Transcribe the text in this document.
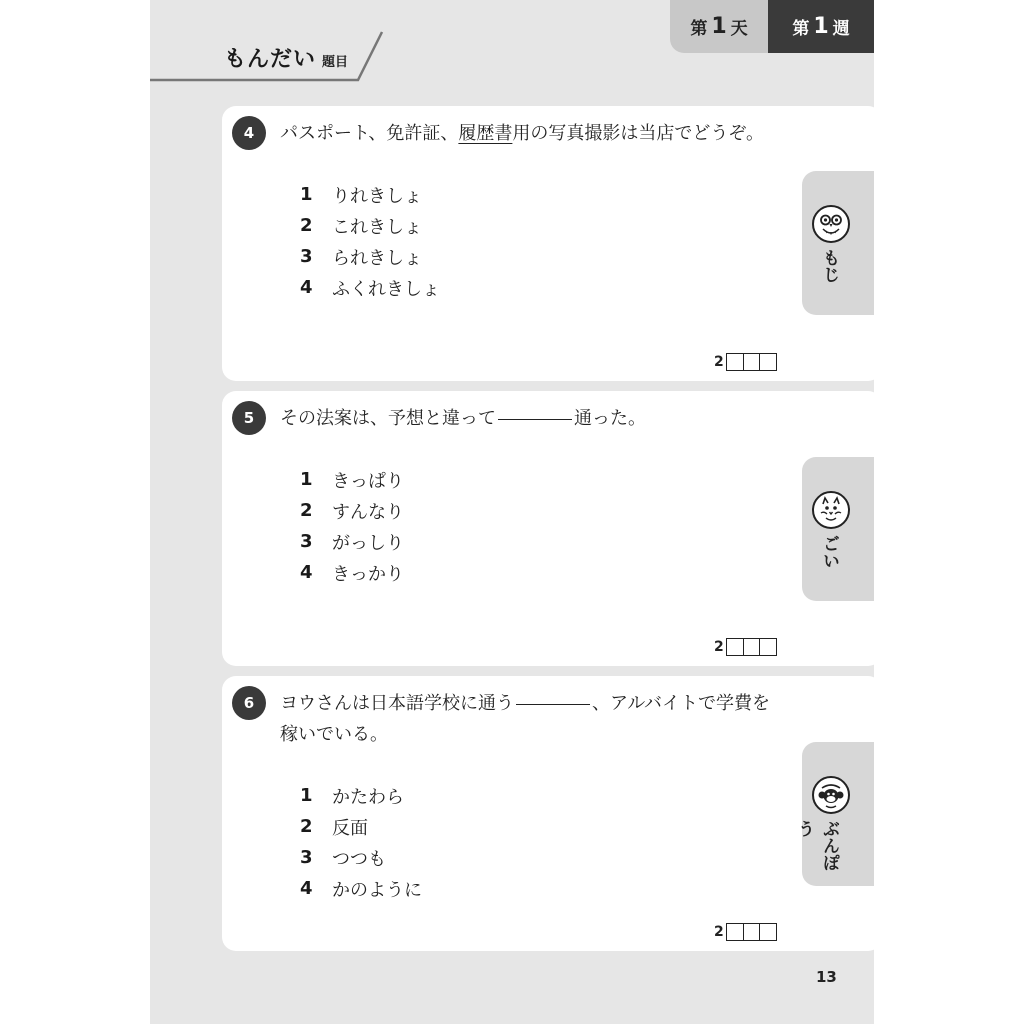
第 1 天	第 1 週
もんだい 題目
4	パスポート、免許証、履歴書用の写真撮影は当店でどうぞ。
1	りれきしょ
2	これきしょ
3	られきしょ
4	ふくれきしょ
2
5	その法案は、予想と違って	通った。
1	きっぱり
2	すんなり
3	がっしり
4	きっかり
2
6	ヨウさんは日本語学校に通う	、アルバイトで学費を
稼いでいる。
1	かたわら
2	反面
3	つつも
4	かのように
2
もじ
ごい
ぶんぽう
13
